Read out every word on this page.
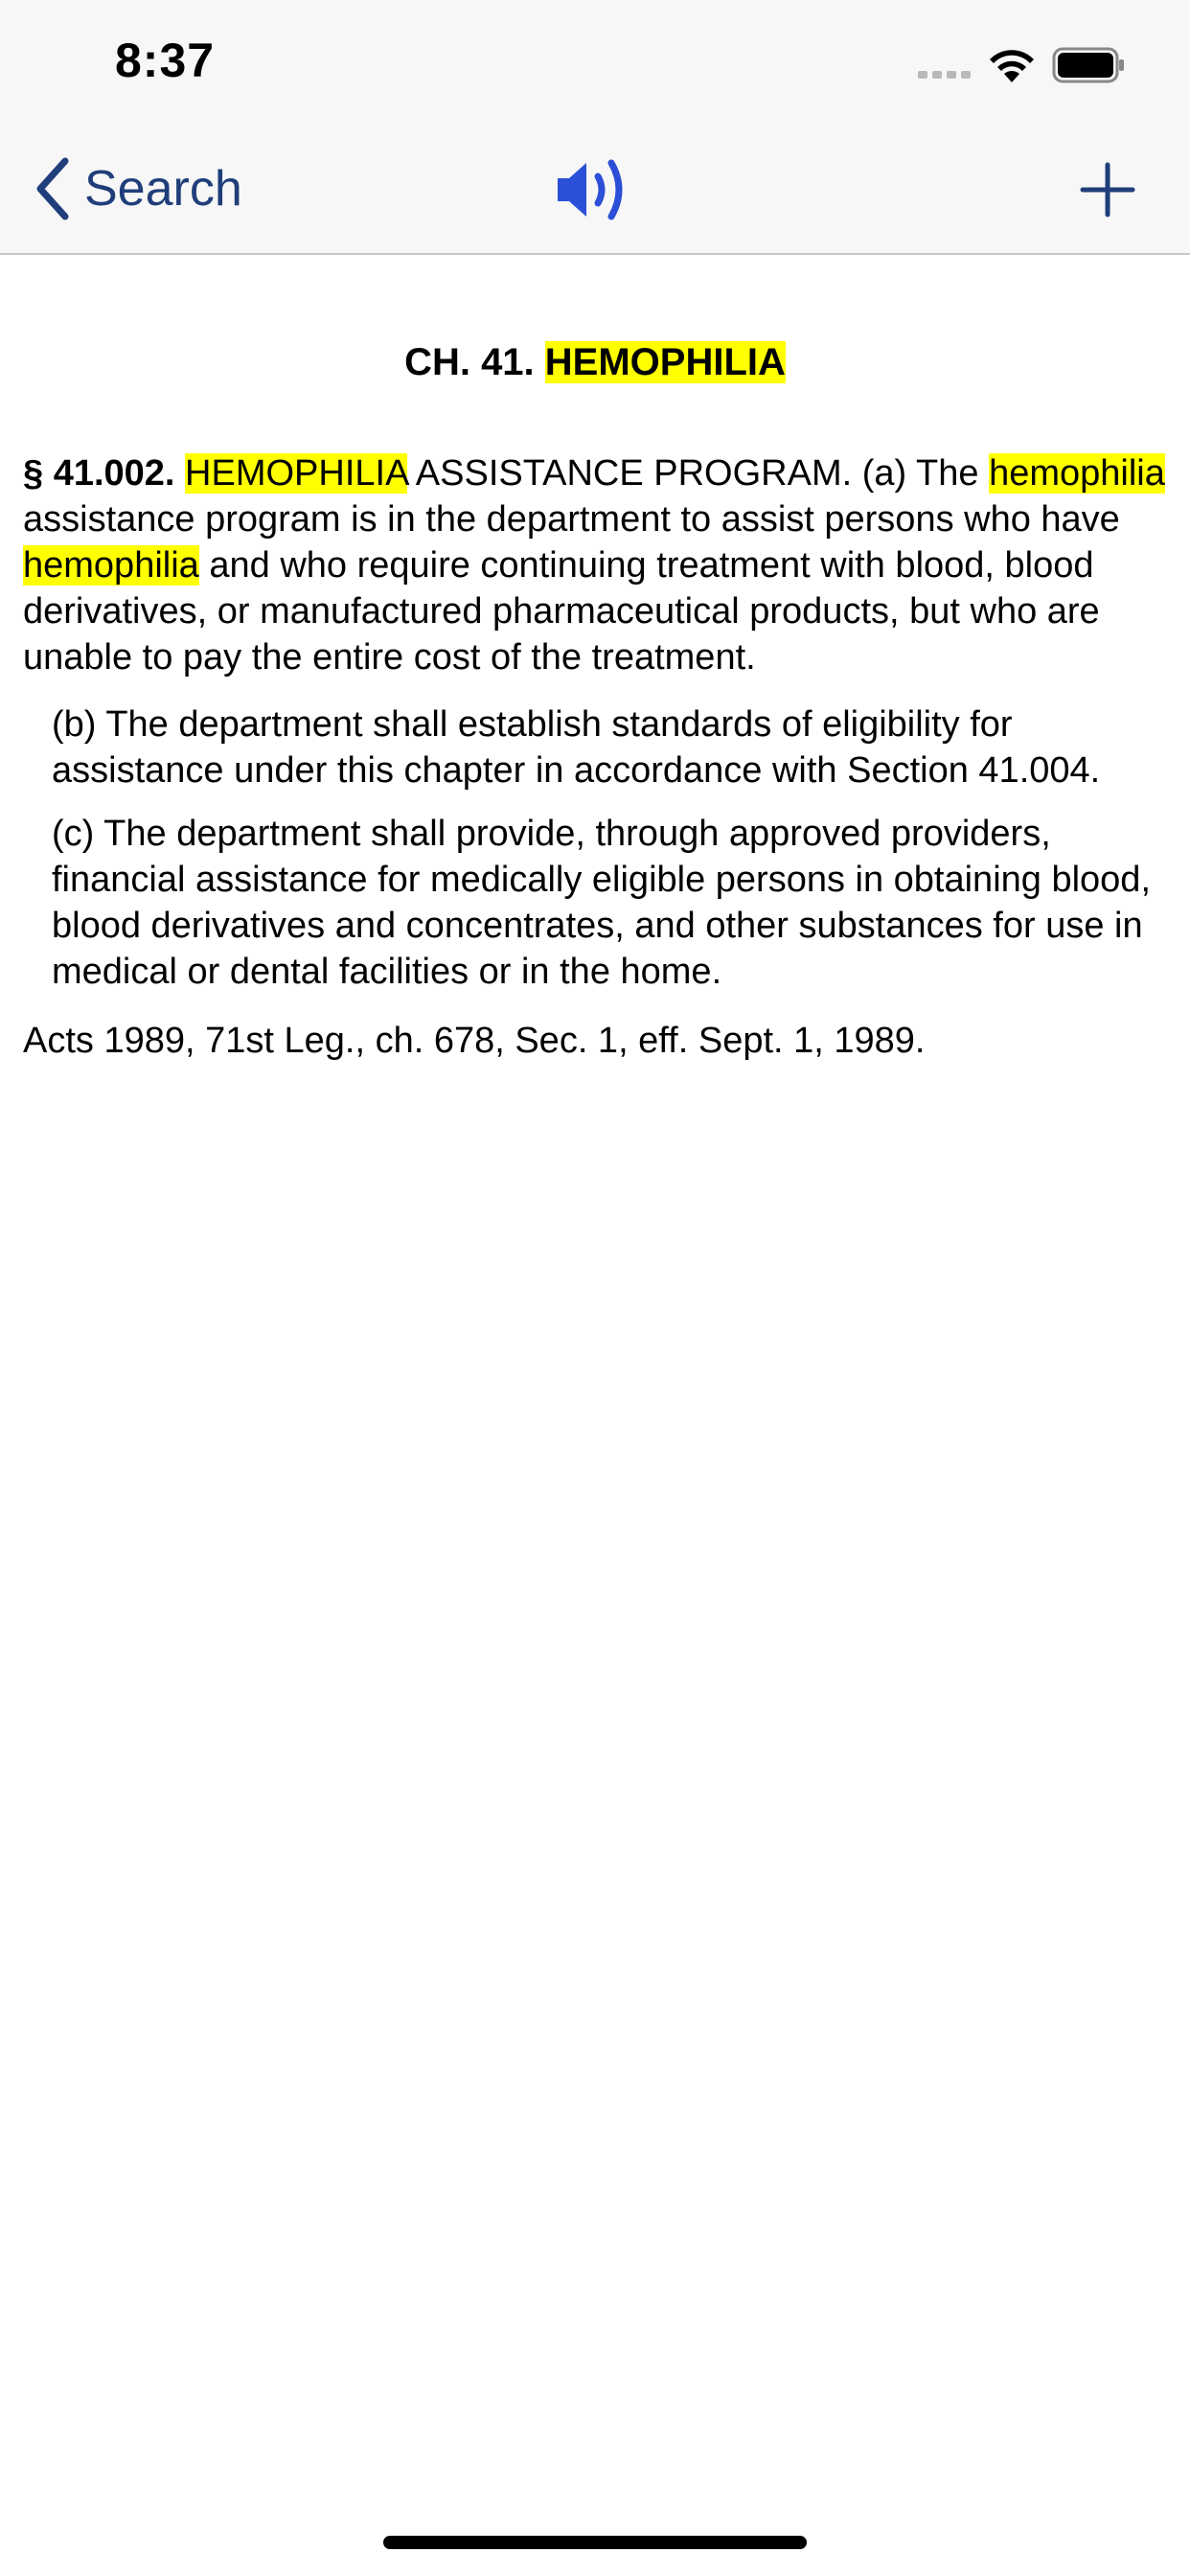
8:37
Search
CH. 41. HEMOPHILIA
§ 41.002. HEMOPHILIA ASSISTANCE PROGRAM. (a) The hemophilia assistance program is in the department to assist persons who have hemophilia and who require continuing treatment with blood, blood derivatives, or manufactured pharmaceutical products, but who are unable to pay the entire cost of the treatment.
(b) The department shall establish standards of eligibility for assistance under this chapter in accordance with Section 41.004.
(c) The department shall provide, through approved providers, financial assistance for medically eligible persons in obtaining blood, blood derivatives and concentrates, and other substances for use in medical or dental facilities or in the home.
Acts 1989, 71st Leg., ch. 678, Sec. 1, eff. Sept. 1, 1989.
